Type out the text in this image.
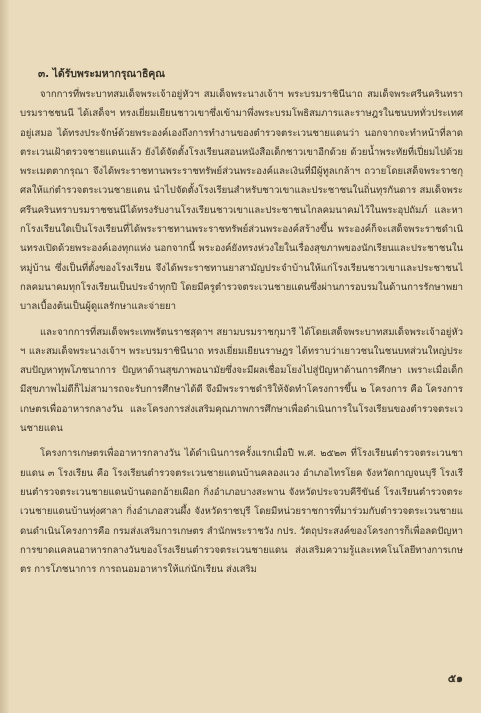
๓. ได้รับพระมหากรุณาธิคุณ

จากการที่พระบาทสมเด็จพระเจ้าอยู่หัวฯ สมเด็จพระนางเจ้าฯ พระบรมราชินีนาถ สมเด็จพระศรีนครินทราบรมราชชนนี ได้เสด็จฯ ทรงเยี่ยมเยียนชาวเขาซึ่งเข้ามาพึ่งพระบรมโพธิสมภารและราษฎรในชนบททั่วประเทศอยู่เสมอ ได้ทรงประจักษ์ด้วยพระองค์เองถึงการทำงานของตำรวจตระเวนชายแดนว่า นอกจากจะทำหน้าที่ลาดตระเวนเฝ้าตรวจชายแดนแล้ว ยังได้จัดตั้งโรงเรียนสอนหนังสือเด็กชาวเขาอีกด้วย ด้วยน้ำพระทัยที่เปี่ยมไปด้วยพระเมตตากรุณา จึงได้พระราชทานพระราชทรัพย์ส่วนพระองค์และเงินที่มีผู้ทูลเกล้าฯ ถวายโดยเสด็จพระราชกุศลให้แก่ตำรวจตระเวนชายแดน นำไปจัดตั้งโรงเรียนสำหรับชาวเขาและประชาชนในถิ่นทุรกันดาร สมเด็จพระศรีนครินทราบรมราชชนนีได้ทรงรับงานโรงเรียนชาวเขาและประชาชนไกลคมนาคมไว้ในพระอุปถัมภ์ และหากโรงเรียนใดเป็นโรงเรียนที่ได้พระราชทานพระราชทรัพย์ส่วนพระองค์สร้างขึ้น พระองค์ก็จะเสด็จพระราชดำเนินทรงเปิดด้วยพระองค์เองทุกแห่ง นอกจากนี้ พระองค์ยังทรงห่วงใยในเรื่องสุขภาพของนักเรียนและประชาชนในหมู่บ้าน ซึ่งเป็นที่ตั้งของโรงเรียน จึงได้พระราชทานยาสามัญประจำบ้านให้แก่โรงเรียนชาวเขาและประชาชนไกลคมนาคมทุกโรงเรียนเป็นประจำทุกปี โดยมีครูตำรวจตระเวนชายแดนซึ่งผ่านการอบรมในด้านการรักษาพยาบาลเบื้องต้นเป็นผู้ดูแลรักษาและจ่ายยา

และจากการที่สมเด็จพระเทพรัตนราชสุดาฯ สยามบรมราชกุมารี ได้โดยเสด็จพระบาทสมเด็จพระเจ้าอยู่หัวฯ และสมเด็จพระนางเจ้าฯ พระบรมราชินีนาถ ทรงเยี่ยมเยียนราษฎร ได้ทราบว่าเยาวชนในชนบทส่วนใหญ่ประสบปัญหาทุพโภชนาการ ปัญหาด้านสุขภาพอนามัยซึ่งจะมีผลเชื่อมโยงไปสู่ปัญหาด้านการศึกษา เพราะเมื่อเด็กมีสุขภาพไม่ดีก็ไม่สามารถจะรับการศึกษาได้ดี จึงมีพระราชดำริให้จัดทำโครงการขึ้น ๒ โครงการ คือ โครงการเกษตรเพื่ออาหารกลางวัน และโครงการส่งเสริมคุณภาพการศึกษาเพื่อดำเนินการในโรงเรียนของตำรวจตระเวนชายแดน

โครงการเกษตรเพื่ออาหารกลางวัน ได้ดำเนินการครั้งแรกเมื่อปี พ.ศ. ๒๕๒๓ ที่โรงเรียนตำรวจตระเวนชายแดน ๓ โรงเรียน คือ โรงเรียนตำรวจตระเวนชายแดนบ้านคลองแวง อำเภอไทรโยค จังหวัดกาญจนบุรี โรงเรียนตำรวจตระเวนชายแดนบ้านดอกอ้ายเผือก กิ่งอำเภอบางสะพาน จังหวัดประจวบคีรีขันธ์ โรงเรียนตำรวจตระเวนชายแดนบ้านทุ่งศาลา กิ่งอำเภอสวนผึ้ง จังหวัดราชบุรี โดยมีหน่วยราชการที่มาร่วมกับตำรวจตระเวนชายแดนดำเนินโครงการคือ กรมส่งเสริมการเกษตร สำนักพระราชวัง กปร. วัตถุประสงค์ของโครงการก็เพื่อลดปัญหาการขาดแคลนอาหารกลางวันของโรงเรียนตำรวจตระเวนชายแดน ส่งเสริมความรู้และเทคโนโลยีทางการเกษตร การโภชนาการ การถนอมอาหารให้แก่นักเรียน ส่งเสริม

๕๑
